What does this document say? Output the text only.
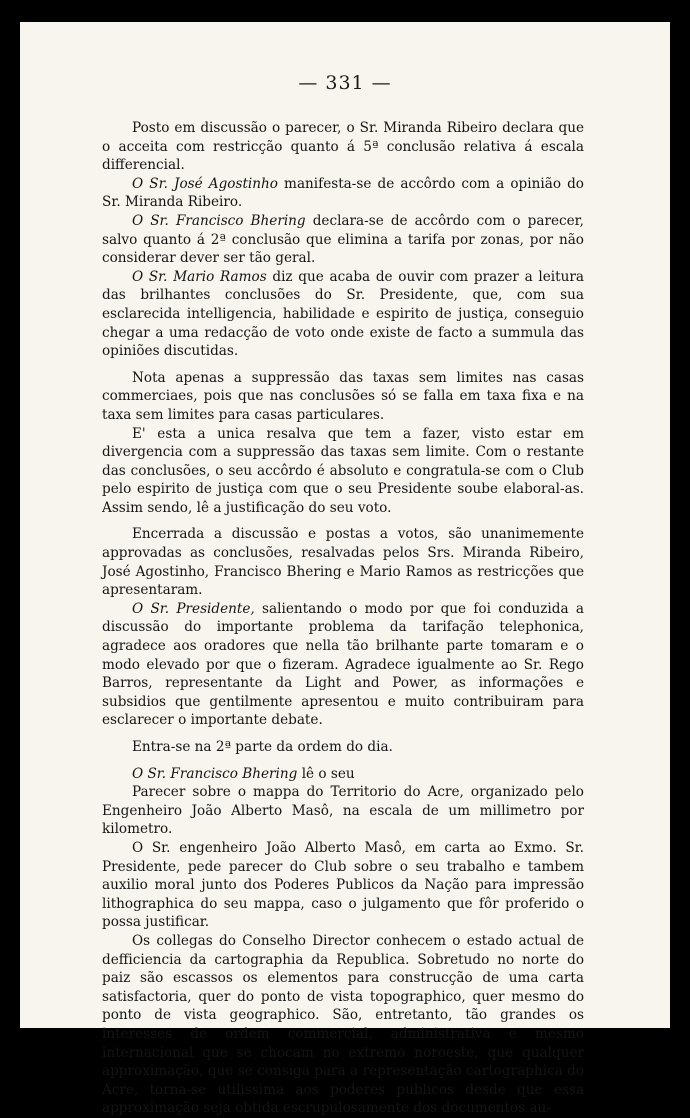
— 331 —

Posto em discussão o parecer, o Sr. Miranda Ribeiro declara que o acceita com restricção quanto á 5ª conclusão relativa á escala differencial.

O Sr. José Agostinho manifesta-se de accôrdo com a opinião do Sr. Miranda Ribeiro.

O Sr. Francisco Bhering declara-se de accôrdo com o parecer, salvo quanto á 2ª conclusão que elimina a tarifa por zonas, por não considerar dever ser tão geral.

O Sr. Mario Ramos diz que acaba de ouvir com prazer a leitura das brilhantes conclusões do Sr. Presidente, que, com sua esclarecida intelligencia, habilidade e espirito de justiça, conseguio chegar a uma redacção de voto onde existe de facto a summula das opiniões discutidas.

Nota apenas a suppressão das taxas sem limites nas casas commerciaes, pois que nas conclusões só se falla em taxa fixa e na taxa sem limites para casas particulares.

E' esta a unica resalva que tem a fazer, visto estar em divergencia com a suppressão das taxas sem limite. Com o restante das conclusões, o seu accôrdo é absoluto e congratula-se com o Club pelo espirito de justiça com que o seu Presidente soube elaboral-as. Assim sendo, lê a justificação do seu voto.

Encerrada a discussão e postas a votos, são unanimemente approvadas as conclusões, resalvadas pelos Srs. Miranda Ribeiro, José Agostinho, Francisco Bhering e Mario Ramos as restricções que apresentaram.

O Sr. Presidente, salientando o modo por que foi conduzida a discussão do importante problema da tarifação telephonica, agradece aos oradores que nella tão brilhante parte tomaram e o modo elevado por que o fizeram. Agradece igualmente ao Sr. Rego Barros, representante da Light and Power, as informações e subsidios que gentilmente apresentou e muito contribuiram para esclarecer o importante debate.

Entra-se na 2ª parte da ordem do dia.

O Sr. Francisco Bhering lê o seu

Parecer sobre o mappa do Territorio do Acre, organizado pelo Engenheiro João Alberto Masô, na escala de um millimetro por kilometro.

O Sr. engenheiro João Alberto Masô, em carta ao Exmo. Sr. Presidente, pede parecer do Club sobre o seu trabalho e tambem auxilio moral junto dos Poderes Publicos da Nação para impressão lithographica do seu mappa, caso o julgamento que fôr proferido o possa justificar.

Os collegas do Conselho Director conhecem o estado actual de defficiencia da cartographia da Republica. Sobretudo no norte do paiz são escassos os elementos para construcção de uma carta satisfactoria, quer do ponto de vista topographico, quer mesmo do ponto de vista geographico. São, entretanto, tão grandes os interesses de ordem commercial, administrativa e mesmo internacional que se chocam no extremo noroeste, que qualquer approximação, que se consiga para a representação cartographica do Acre, torna-se utilissima aos poderes publicos desde que essa approximação seja obtida escrupulosamente dos documentos au-
